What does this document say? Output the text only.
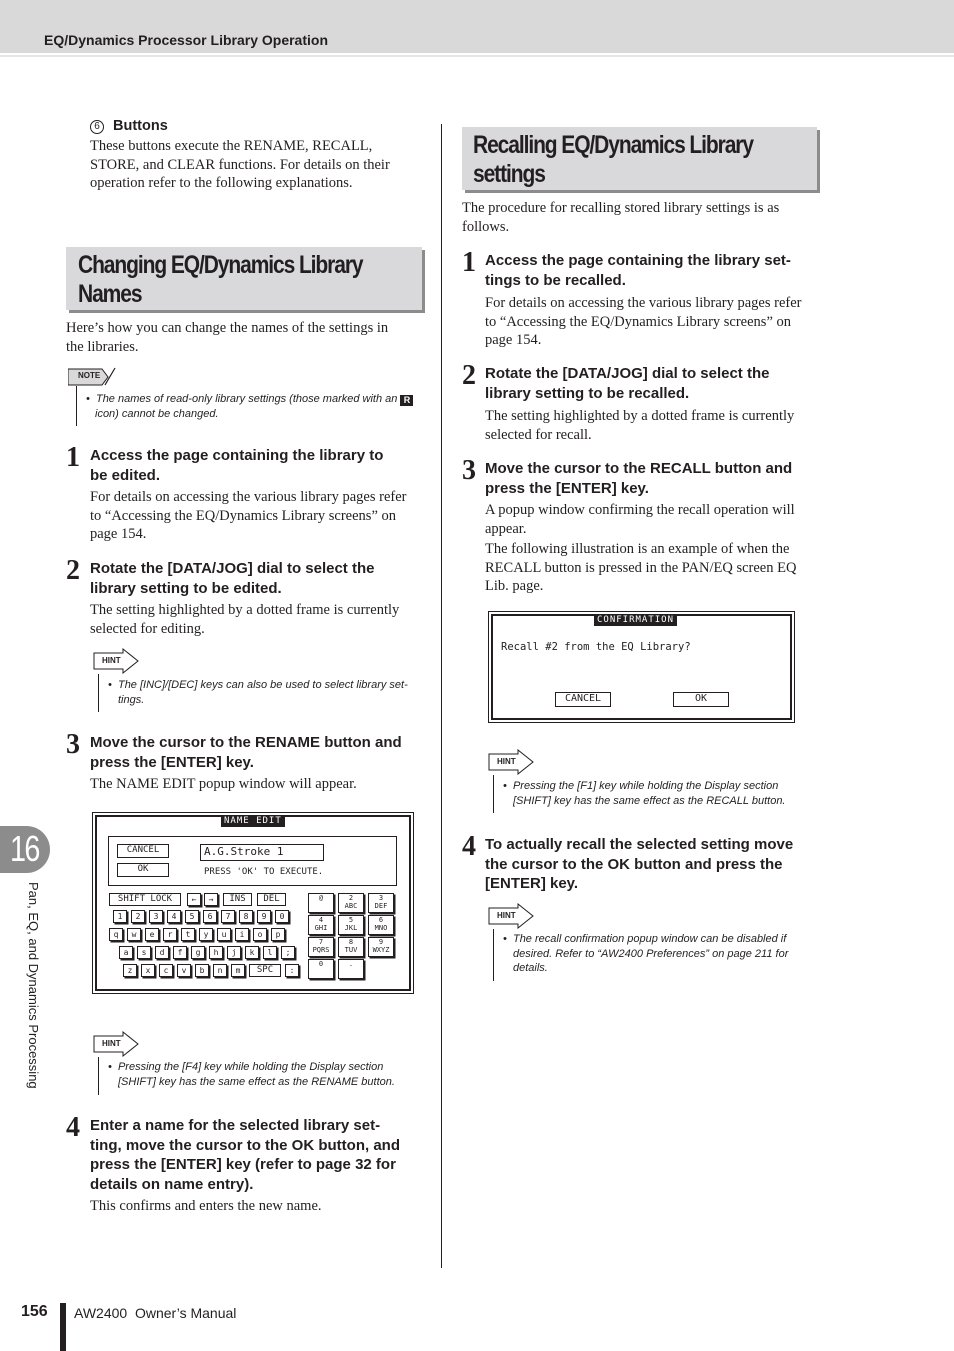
EQ/Dynamics Processor Library Operation
6 Buttons
These buttons execute the RENAME, RECALL,
STORE, and CLEAR functions. For details on their
operation refer to the following explanations.
Changing EQ/Dynamics Library
Names
Here’s how you can change the names of the settings in
the libraries.
NOTE
•  The names of read-only library settings (those marked with an R
icon) cannot be changed.
1 Access the page containing the library to
be edited.
For details on accessing the various library pages refer
to “Accessing the EQ/Dynamics Library screens” on
page 154.
2 Rotate the [DATA/JOG] dial to select the
library setting to be edited.
The setting highlighted by a dotted frame is currently
selected for editing.
HINT
•  The [INC]/[DEC] keys can also be used to select library set-
tings.
3 Move the cursor to the RENAME button and
press the [ENTER] key.
The NAME EDIT popup window will appear.
NAME EDIT
CANCEL
OK
A.G.Stroke 1
PRESS 'OK' TO EXECUTE.
SHIFT LOCK	←	→	INS	DEL
1	2	3	4	5	6	7	8	9	0
q	w	e	r	t	y	u	i	o	p
a	s	d	f	g	h	j	k	l	;
z	x	c	v	b	n	m	SPC	:
@	2
ABC
3
DEF
4
GHI
5
JKL
6
MNO
7
PQRS
8
TUV
9
WXYZ
0	.
HINT
•  Pressing the [F4] key while holding the Display section
[SHIFT] key has the same effect as the RENAME button.
4 Enter a name for the selected library set-
ting, move the cursor to the OK button, and
press the [ENTER] key (refer to page 32 for
details on name entry).
This confirms and enters the new name.
Recalling EQ/Dynamics Library
settings
The procedure for recalling stored library settings is as
follows.
1 Access the page containing the library set-
tings to be recalled.
For details on accessing the various library pages refer
to “Accessing the EQ/Dynamics Library screens” on
page 154.
2 Rotate the [DATA/JOG] dial to select the
library setting to be recalled.
The setting highlighted by a dotted frame is currently
selected for recall.
3 Move the cursor to the RECALL button and
press the [ENTER] key.
A popup window confirming the recall operation will
appear.
The following illustration is an example of when the
RECALL button is pressed in the PAN/EQ screen EQ
Lib. page.
CONFIRMATION
Recall #2 from the EQ Library?
CANCEL	OK
HINT
•  Pressing the [F1] key while holding the Display section
[SHIFT] key has the same effect as the RECALL button.
4 To actually recall the selected setting move
the cursor to the OK button and press the
[ENTER] key.
HINT
•  The recall confirmation popup window can be disabled if
desired. Refer to “AW2400 Preferences” on page 211 for
details.
16
Pan, EQ, and Dynamics Processing
156 AW2400  Owner’s Manual
